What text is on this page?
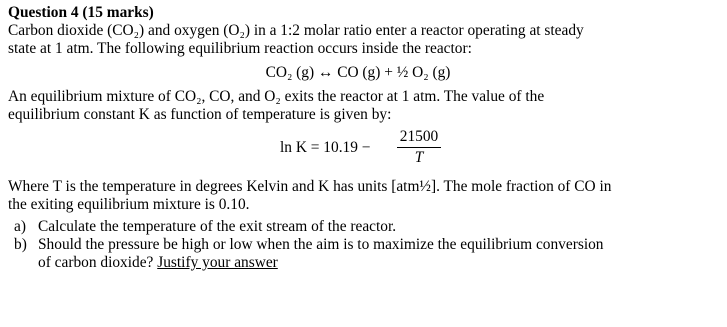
Question 4 (15 marks)

Carbon dioxide (CO₂) and oxygen (O₂) in a 1:2 molar ratio enter a reactor operating at steady
state at 1 atm. The following equilibrium reaction occurs inside the reactor:

CO₂ (g) ↔ CO (g) + ½ O₂ (g)

An equilibrium mixture of CO₂, CO, and O₂ exits the reactor at 1 atm. The value of the
equilibrium constant K as function of temperature is given by:

$\ln K = 10.19 - \frac{21500}{T}$

Where T is the temperature in degrees Kelvin and K has units [atm½]. The mole fraction of CO in
the exiting equilibrium mixture is 0.10.

a) Calculate the temperature of the exit stream of the reactor.
b) Should the pressure be high or low when the aim is to maximize the equilibrium conversion
of carbon dioxide? Justify your answer
